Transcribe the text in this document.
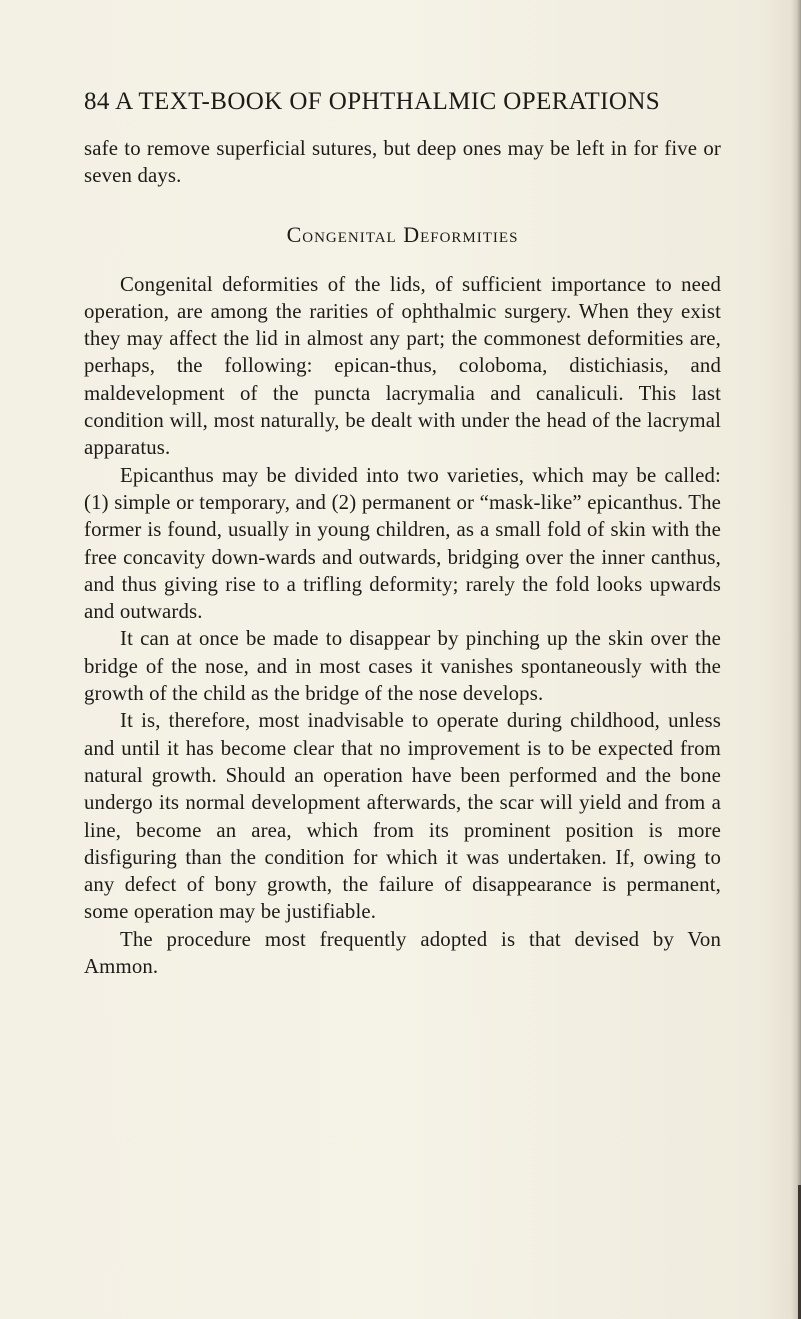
84 A TEXT-BOOK OF OPHTHALMIC OPERATIONS

safe to remove superficial sutures, but deep ones may be left in for five or seven days.

Congenital Deformities

Congenital deformities of the lids, of sufficient importance to need operation, are among the rarities of ophthalmic surgery. When they exist they may affect the lid in almost any part; the commonest deformities are, perhaps, the following: epican-thus, coloboma, distichiasis, and maldevelopment of the puncta lacrymalia and canaliculi. This last condition will, most naturally, be dealt with under the head of the lacrymal apparatus.

Epicanthus may be divided into two varieties, which may be called: (1) simple or temporary, and (2) permanent or “mask-like” epicanthus. The former is found, usually in young children, as a small fold of skin with the free concavity down-wards and outwards, bridging over the inner canthus, and thus giving rise to a trifling deformity; rarely the fold looks upwards and outwards.

It can at once be made to disappear by pinching up the skin over the bridge of the nose, and in most cases it vanishes spontaneously with the growth of the child as the bridge of the nose develops.

It is, therefore, most inadvisable to operate during childhood, unless and until it has become clear that no improvement is to be expected from natural growth. Should an operation have been performed and the bone undergo its normal development afterwards, the scar will yield and from a line, become an area, which from its prominent position is more disfiguring than the condition for which it was undertaken. If, owing to any defect of bony growth, the failure of disappearance is permanent, some operation may be justifiable.

The procedure most frequently adopted is that devised by Von Ammon.
